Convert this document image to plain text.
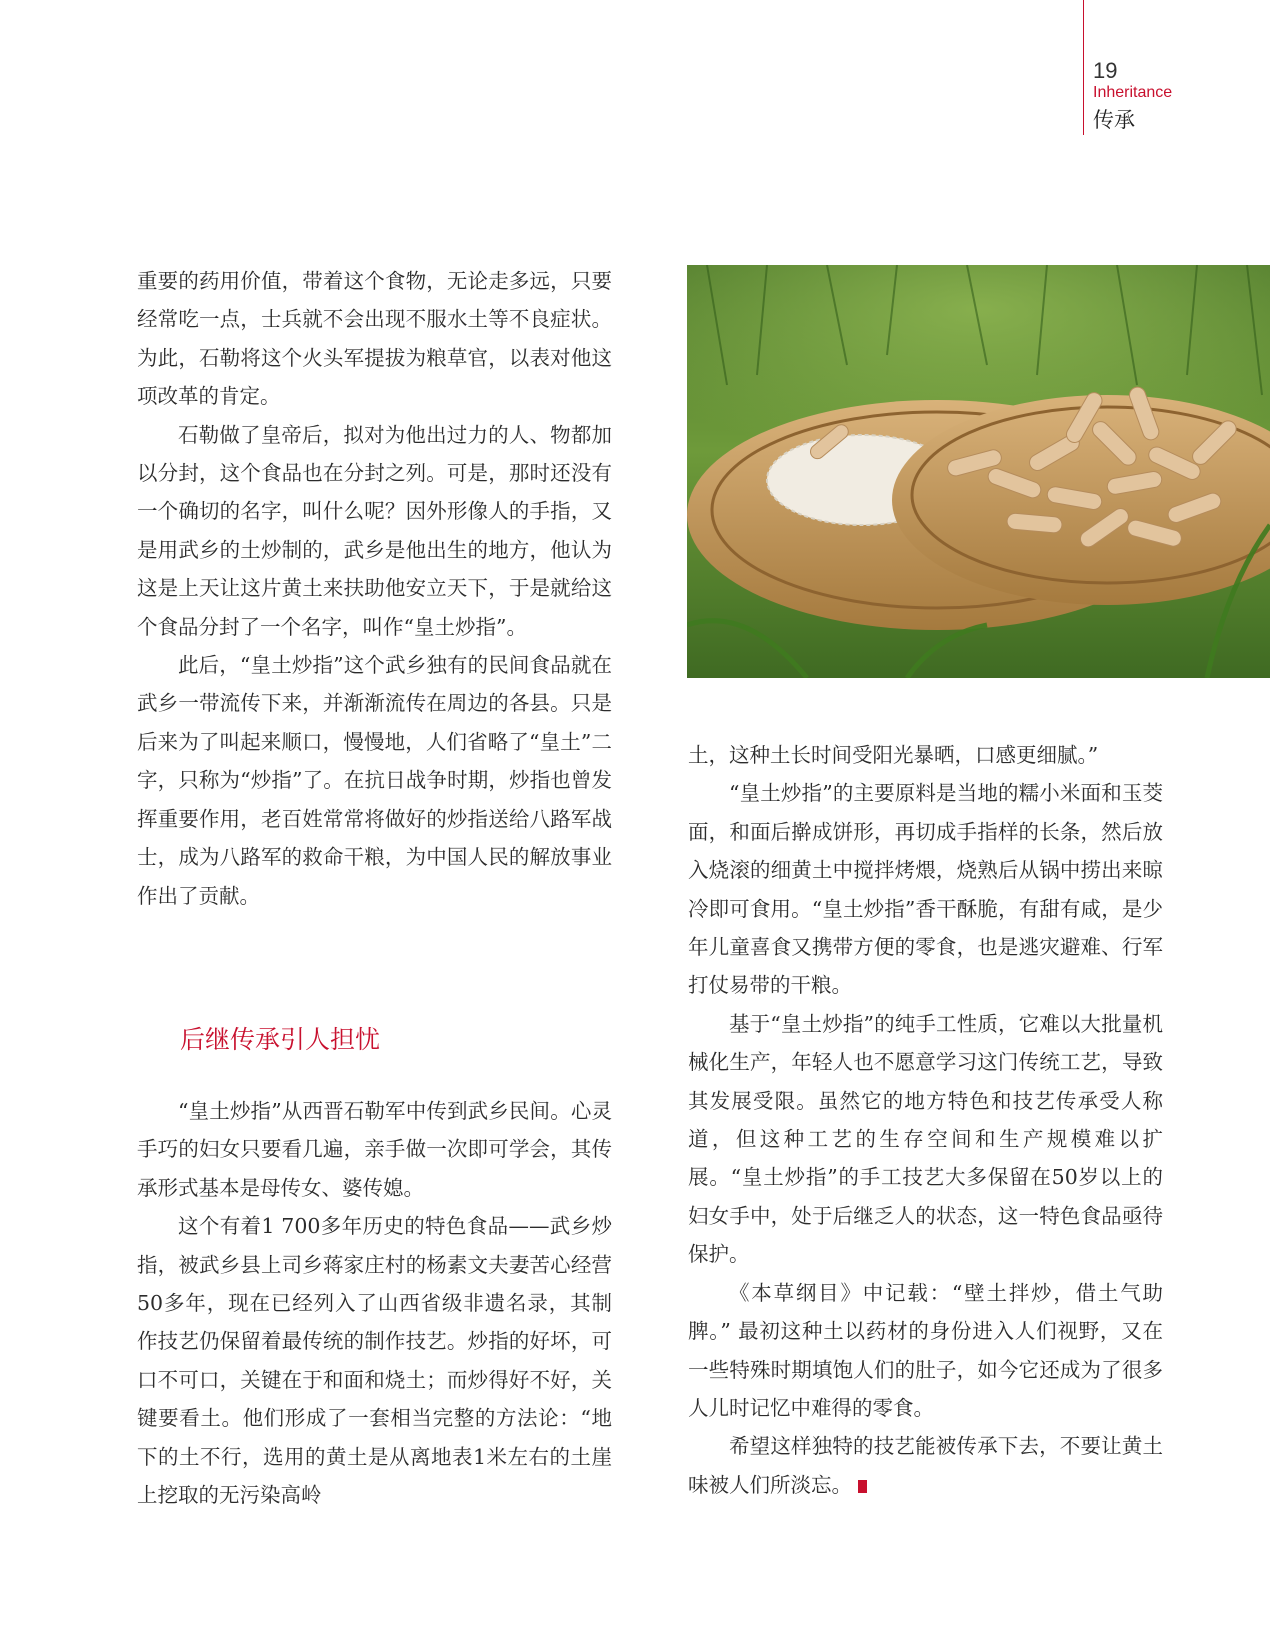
19
Inheritance
传承

重要的药用价值，带着这个食物，无论走多远，只要经常吃一点，士兵就不会出现不服水土等不良症状。为此，石勒将这个火头军提拔为粮草官，以表对他这项改革的肯定。

石勒做了皇帝后，拟对为他出过力的人、物都加以分封，这个食品也在分封之列。可是，那时还没有一个确切的名字，叫什么呢？因外形像人的手指，又是用武乡的土炒制的，武乡是他出生的地方，他认为这是上天让这片黄土来扶助他安立天下，于是就给这个食品分封了一个名字，叫作“皇土炒指”。

此后，“皇土炒指”这个武乡独有的民间食品就在武乡一带流传下来，并渐渐流传在周边的各县。只是后来为了叫起来顺口，慢慢地，人们省略了“皇土”二字，只称为“炒指”了。在抗日战争时期，炒指也曾发挥重要作用，老百姓常常将做好的炒指送给八路军战士，成为八路军的救命干粮，为中国人民的解放事业作出了贡献。

后继传承引人担忧

“皇土炒指”从西晋石勒军中传到武乡民间。心灵手巧的妇女只要看几遍，亲手做一次即可学会，其传承形式基本是母传女、婆传媳。

这个有着1 700多年历史的特色食品——武乡炒指，被武乡县上司乡蒋家庄村的杨素文夫妻苦心经营50多年，现在已经列入了山西省级非遗名录，其制作技艺仍保留着最传统的制作技艺。炒指的好坏，可口不可口，关键在于和面和烧土；而炒得好不好，关键要看土。他们形成了一套相当完整的方法论：“地下的土不行，选用的黄土是从离地表1米左右的土崖上挖取的无污染高岭

土，这种土长时间受阳光暴晒，口感更细腻。”

“皇土炒指”的主要原料是当地的糯小米面和玉茭面，和面后擀成饼形，再切成手指样的长条，然后放入烧滚的细黄土中搅拌烤煨，烧熟后从锅中捞出来晾冷即可食用。“皇土炒指”香干酥脆，有甜有咸，是少年儿童喜食又携带方便的零食，也是逃灾避难、行军打仗易带的干粮。

基于“皇土炒指”的纯手工性质，它难以大批量机械化生产，年轻人也不愿意学习这门传统工艺，导致其发展受限。虽然它的地方特色和技艺传承受人称道，但这种工艺的生存空间和生产规模难以扩展。“皇土炒指”的手工技艺大多保留在50岁以上的妇女手中，处于后继乏人的状态，这一特色食品亟待保护。

《本草纲目》中记载：“壁土拌炒，借土气助脾。” 最初这种土以药材的身份进入人们视野，又在一些特殊时期填饱人们的肚子，如今它还成为了很多人儿时记忆中难得的零食。

希望这样独特的技艺能被传承下去，不要让黄土味被人们所淡忘。	S
